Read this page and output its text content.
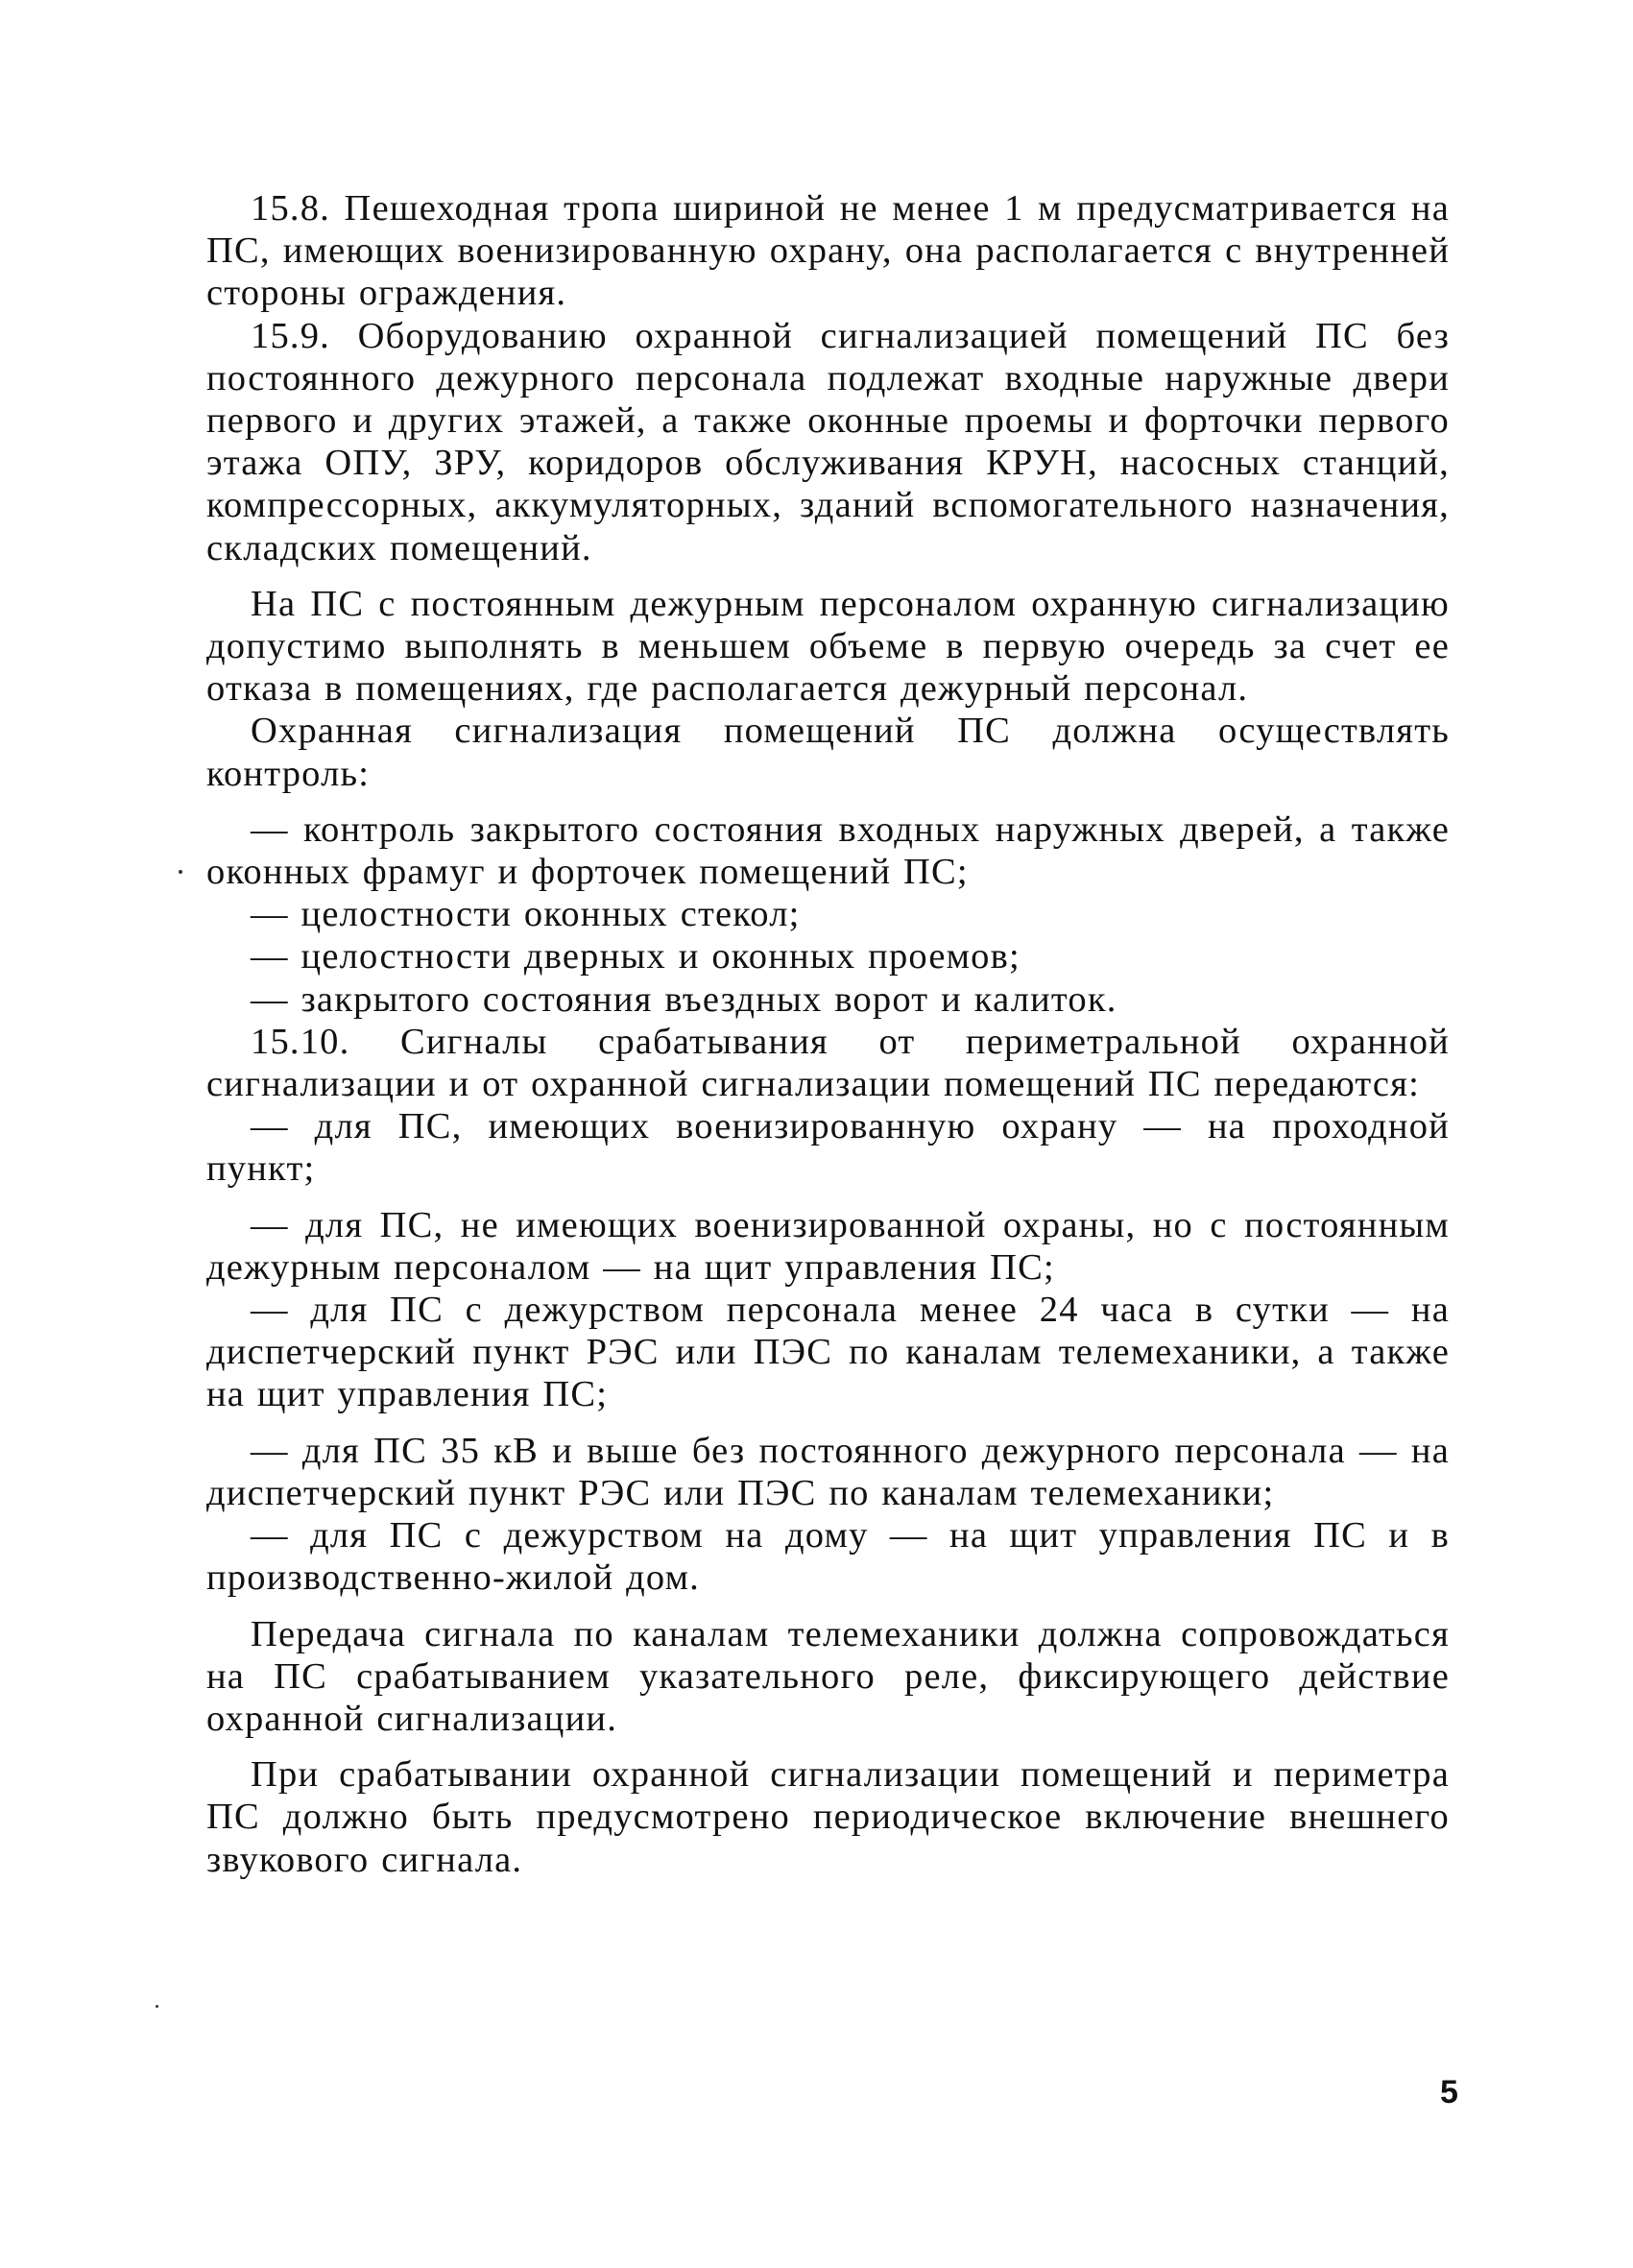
15.8. Пешеходная тропа шириной не менее 1 м предусматривается на ПС, имеющих военизированную охрану, она располагается с внутренней стороны ограждения.

15.9. Оборудованию охранной сигнализацией помещений ПС без постоянного дежурного персонала подлежат входные наружные двери первого и других этажей, а также оконные проемы и форточки первого этажа ОПУ, ЗРУ, коридоров обслуживания КРУН, насосных станций, компрессорных, аккумуляторных, зданий вспомогательного назначения, складских помещений.

На ПС с постоянным дежурным персоналом охранную сигнализацию допустимо выполнять в меньшем объеме в первую очередь за счет ее отказа в помещениях, где располагается дежурный персонал.

Охранная сигнализация помещений ПС должна осуществлять контроль:

— контроль закрытого состояния входных наружных дверей, а также оконных фрамуг и форточек помещений ПС;

— целостности оконных стекол;

— целостности дверных и оконных проемов;

— закрытого состояния въездных ворот и калиток.

15.10. Сигналы срабатывания от периметральной охранной сигнализации и от охранной сигнализации помещений ПС передаются:

— для ПС, имеющих военизированную охрану — на проходной пункт;

— для ПС, не имеющих военизированной охраны, но с постоянным дежурным персоналом — на щит управления ПС;

— для ПС с дежурством персонала менее 24 часа в сутки — на диспетчерский пункт РЭС или ПЭС по каналам телемеханики, а также на щит управления ПС;

— для ПС 35 кВ и выше без постоянного дежурного персонала — на диспетчерский пункт РЭС или ПЭС по каналам телемеханики;

— для ПС с дежурством на дому — на щит управления ПС и в производственно-жилой дом.

Передача сигнала по каналам телемеханики должна сопровождаться на ПС срабатыванием указательного реле, фиксирующего действие охранной сигнализации.

При срабатывании охранной сигнализации помещений и периметра ПС должно быть предусмотрено периодическое включение внешнего звукового сигнала.

5
